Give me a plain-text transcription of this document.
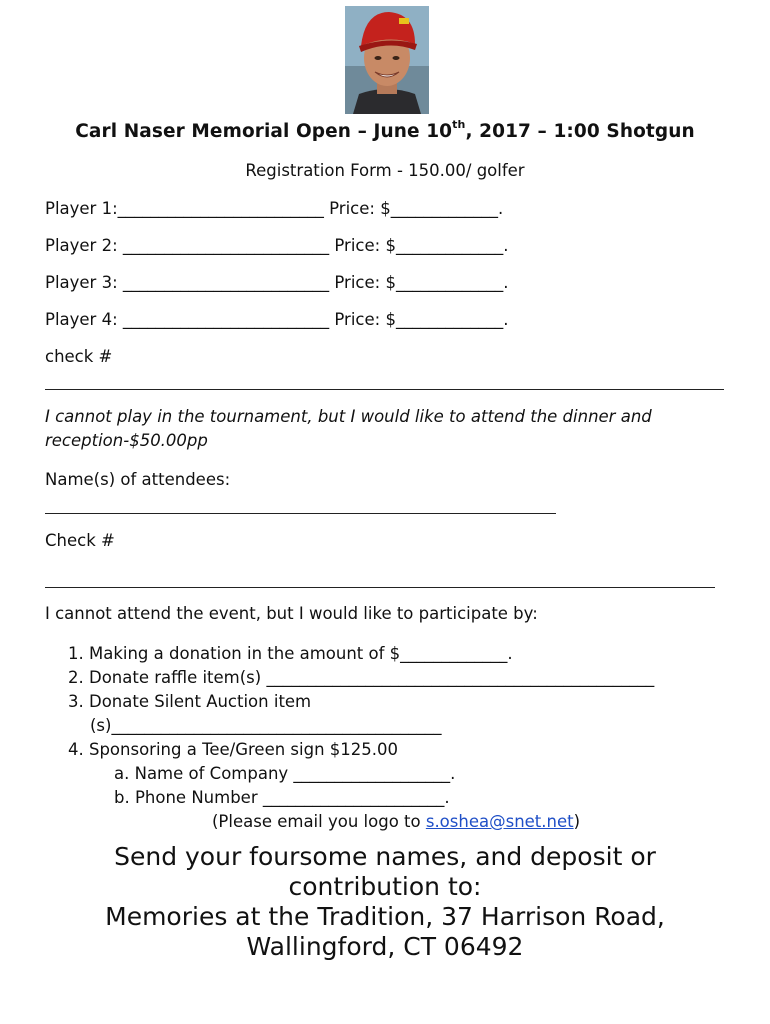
Carl Naser Memorial Open – June 10th, 2017 – 1:00 Shotgun
Registration Form - 150.00/ golfer
Player 1:_________________________ Price: $_____________.
Player 2: _________________________ Price: $_____________.
Player 3: _________________________ Price: $_____________.
Player 4: _________________________ Price: $_____________.
check #
I cannot play in the tournament, but I would like to attend the dinner and
reception-$50.00pp
Name(s) of attendees:
Check #
I cannot attend the event, but I would like to participate by:
1. Making a donation in the amount of $_____________.
2. Donate raffle item(s) _______________________________________________
3. Donate Silent Auction item
(s)________________________________________
4. Sponsoring a Tee/Green sign $125.00
a. Name of Company ___________________.
b. Phone Number ______________________.
(Please email you logo to s.oshea@snet.net)
Send your foursome names, and deposit or
contribution to:
Memories at the Tradition, 37 Harrison Road,
Wallingford, CT 06492
